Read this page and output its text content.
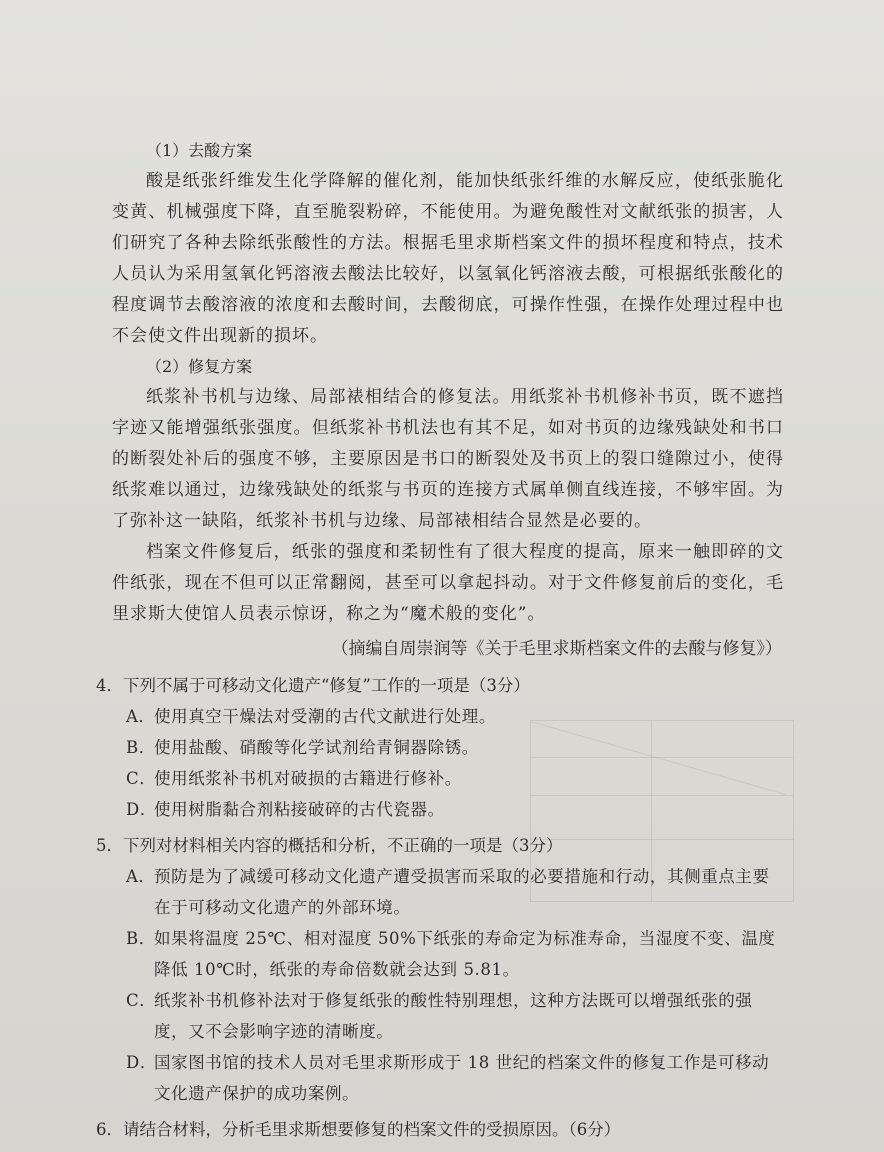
（1）去酸方案
酸是纸张纤维发生化学降解的催化剂，能加快纸张纤维的水解反应，使纸张脆化变黄、机械强度下降，直至脆裂粉碎，不能使用。为避免酸性对文献纸张的损害，人们研究了各种去除纸张酸性的方法。根据毛里求斯档案文件的损坏程度和特点，技术人员认为采用氢氧化钙溶液去酸法比较好，以氢氧化钙溶液去酸，可根据纸张酸化的程度调节去酸溶液的浓度和去酸时间，去酸彻底，可操作性强，在操作处理过程中也不会使文件出现新的损坏。
（2）修复方案
纸浆补书机与边缘、局部裱相结合的修复法。用纸浆补书机修补书页，既不遮挡字迹又能增强纸张强度。但纸浆补书机法也有其不足，如对书页的边缘残缺处和书口的断裂处补后的强度不够，主要原因是书口的断裂处及书页上的裂口缝隙过小，使得纸浆难以通过，边缘残缺处的纸浆与书页的连接方式属单侧直线连接，不够牢固。为了弥补这一缺陷，纸浆补书机与边缘、局部裱相结合显然是必要的。
档案文件修复后，纸张的强度和柔韧性有了很大程度的提高，原来一触即碎的文件纸张，现在不但可以正常翻阅，甚至可以拿起抖动。对于文件修复前后的变化，毛里求斯大使馆人员表示惊讶，称之为“魔术般的变化”。
（摘编自周崇润等《关于毛里求斯档案文件的去酸与修复》）
4．下列不属于可移动文化遗产“修复”工作的一项是（3分）
A．使用真空干燥法对受潮的古代文献进行处理。
B．使用盐酸、硝酸等化学试剂给青铜器除锈。
C．使用纸浆补书机对破损的古籍进行修补。
D．使用树脂黏合剂粘接破碎的古代瓷器。
5．下列对材料相关内容的概括和分析，不正确的一项是（3分）
A．预防是为了减缓可移动文化遗产遭受损害而采取的必要措施和行动，其侧重点主要在于可移动文化遗产的外部环境。
B．如果将温度 25℃、相对湿度 50%下纸张的寿命定为标准寿命，当湿度不变、温度降低 10℃时，纸张的寿命倍数就会达到 5.81。
C．纸浆补书机修补法对于修复纸张的酸性特别理想，这种方法既可以增强纸张的强度，又不会影响字迹的清晰度。
D．国家图书馆的技术人员对毛里求斯形成于 18 世纪的档案文件的修复工作是可移动文化遗产保护的成功案例。
6．请结合材料，分析毛里求斯想要修复的档案文件的受损原因。（6分）
